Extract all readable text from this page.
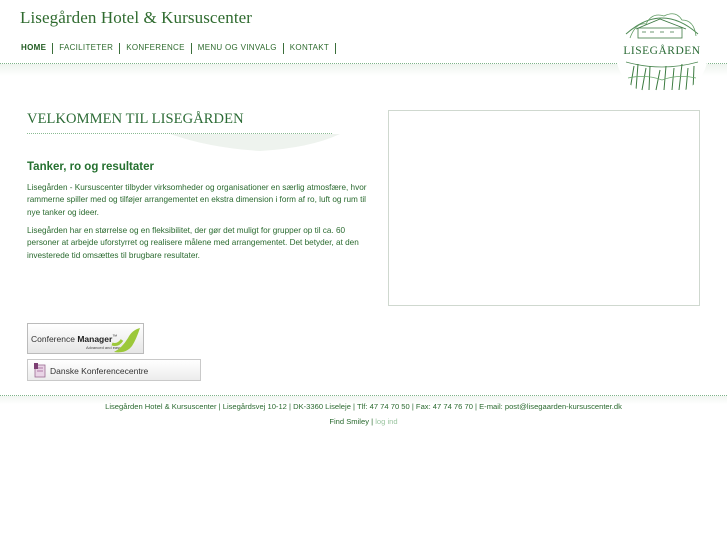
Lisegården Hotel & Kursuscenter
HOME	FACILITETER	KONFERENCE	MENU OG VINVALG	KONTAKT	LISEGÅRDEN
VELKOMMEN TIL LISEGÅRDEN
Tanker, ro og resultater

Lisegården - Kursuscenter tilbyder virksomheder og organisationer en særlig atmosfære, hvor rammerne spiller med og tilføjer arrangementet en ekstra dimension i form af ro, luft og rum til nye tanker og ideer.

Lisegården har en størrelse og en fleksibilitet, der gør det muligt for grupper op til ca. 60 personer at arbejde uforstyrret og realisere målene med arrangementet. Det betyder, at den investerede tid omsættes til brugbare resultater.

Conference Manager™
Advanced and easy
Danske Konferencecentre
Lisegården Hotel & Kursuscenter | Lisegårdsvej 10-12 | DK-3360 Liseleje | Tlf: 47 74 70 50 | Fax: 47 74 76 70 | E-mail: post@lisegaarden-kursuscenter.dk
Find Smiley | log ind
